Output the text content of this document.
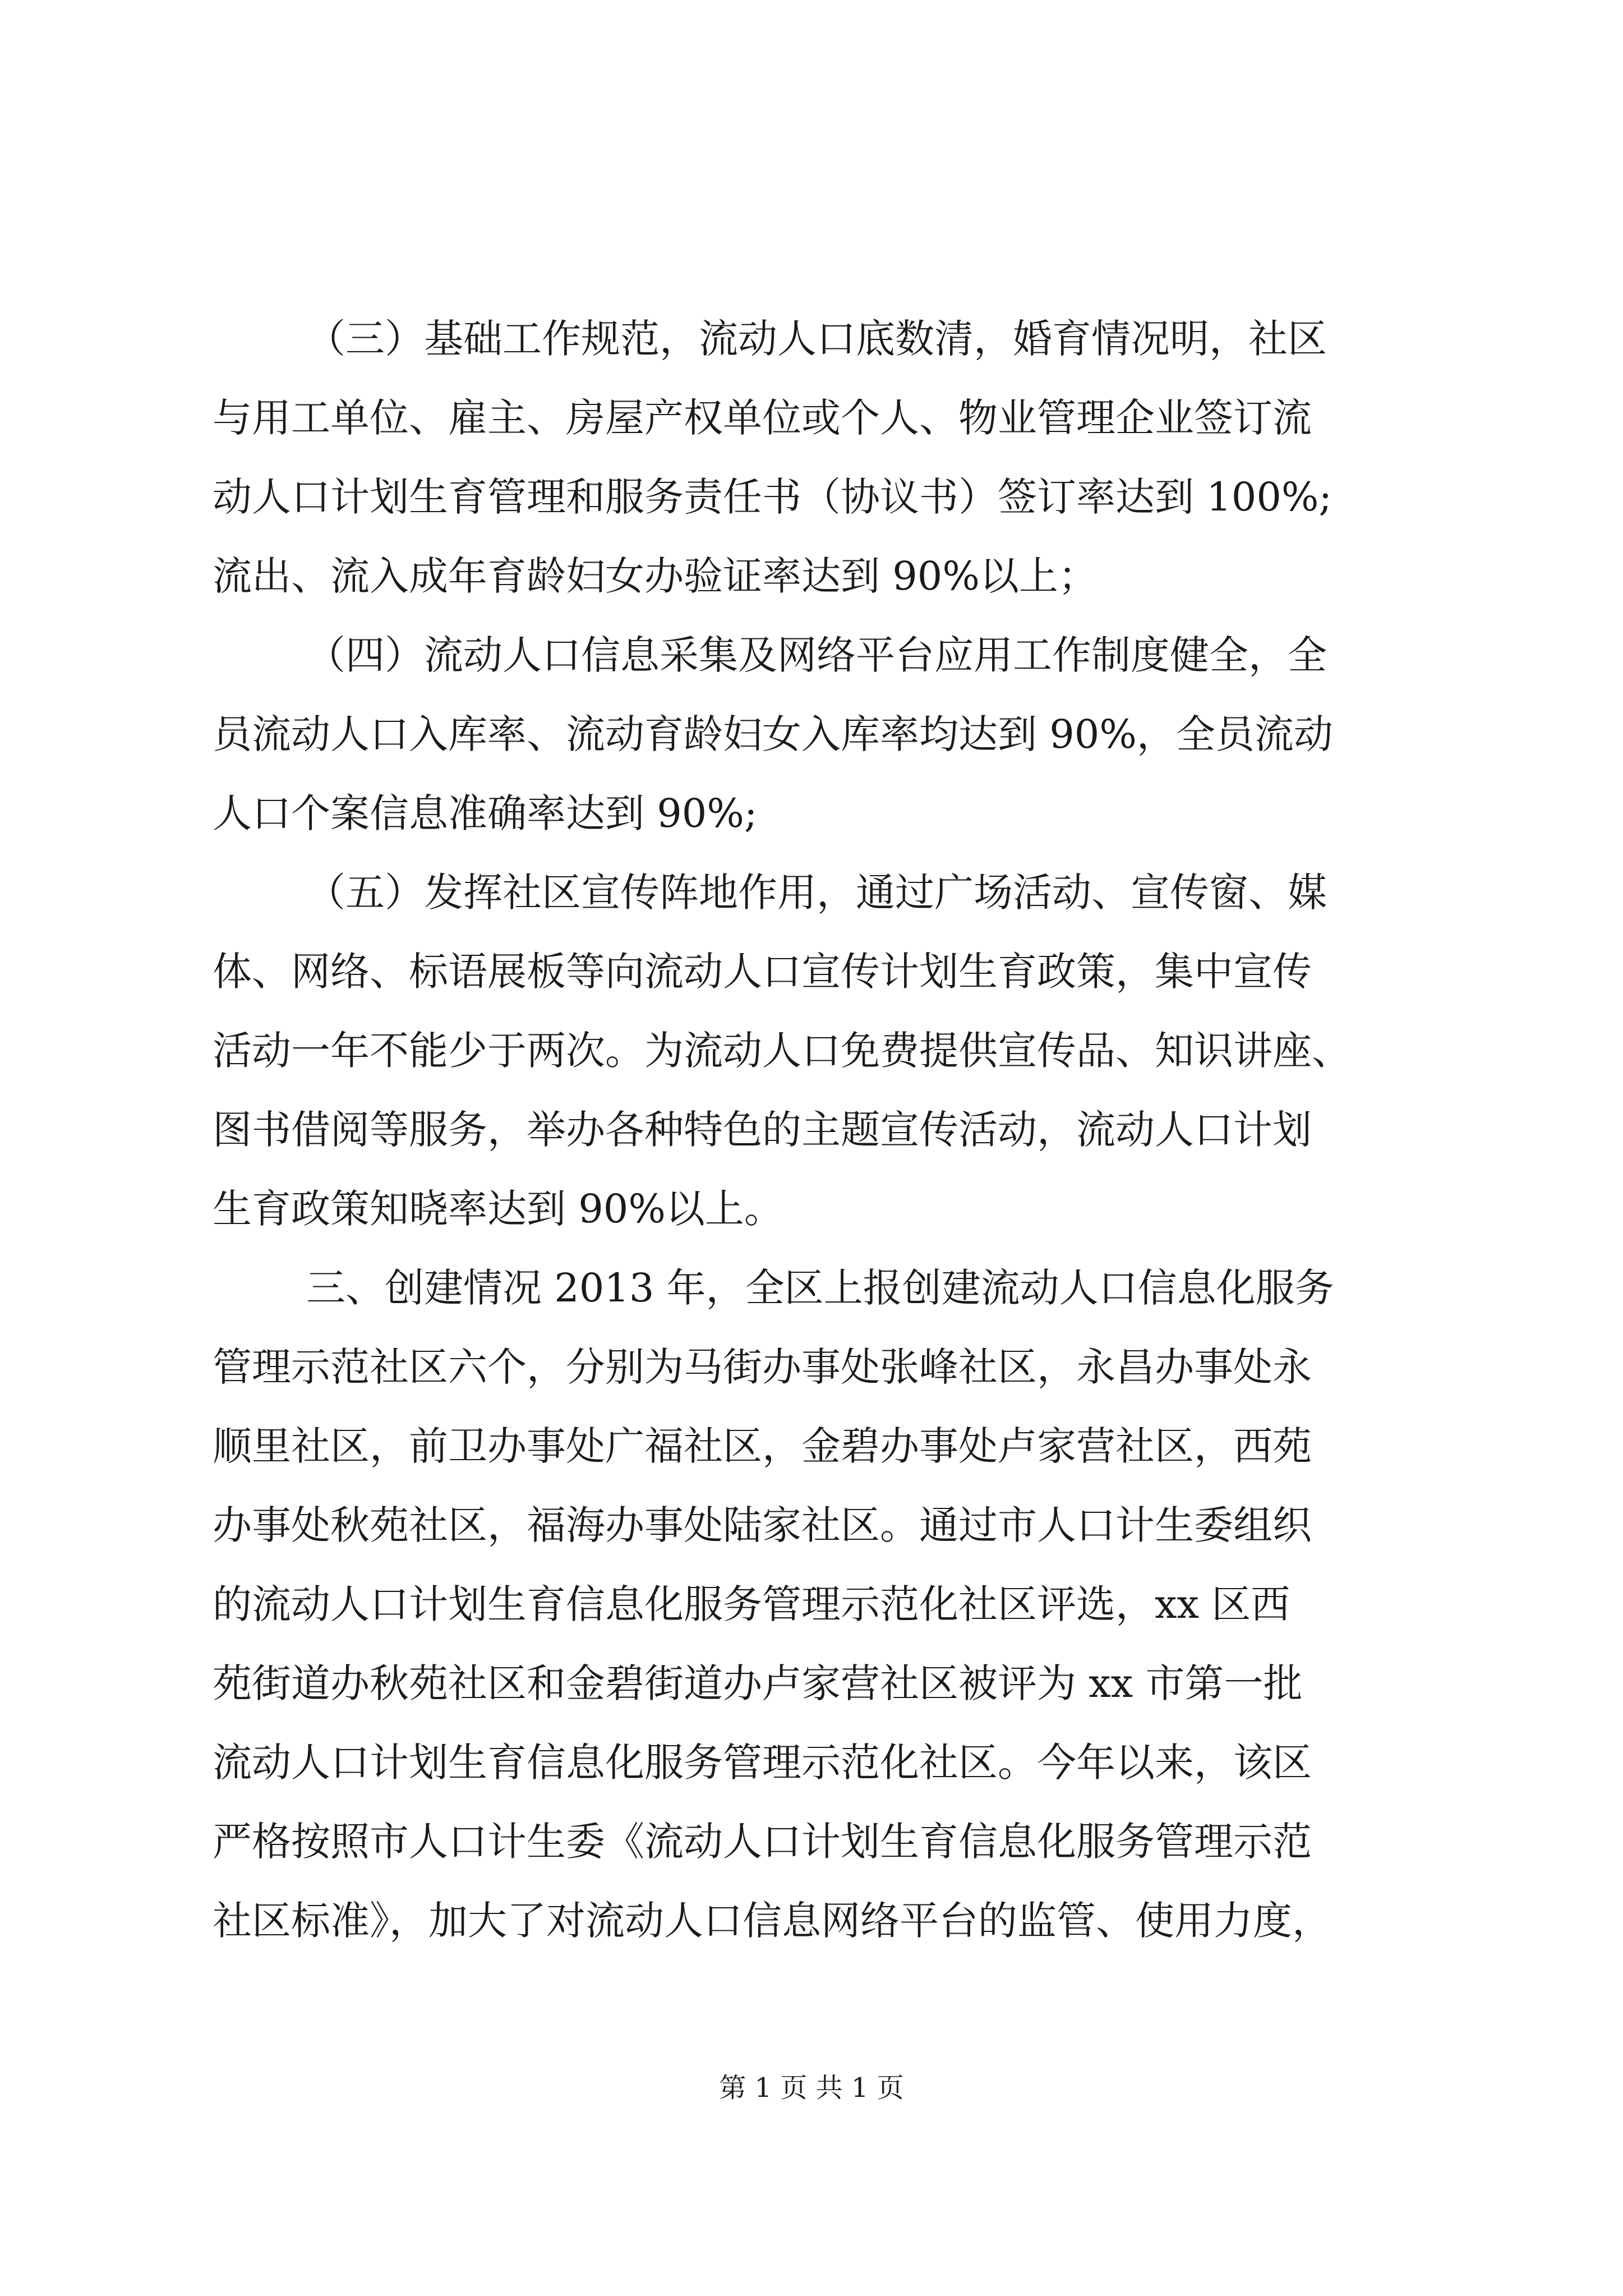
（三）基础工作规范，流动人口底数清，婚育情况明，社区
与用工单位、雇主、房屋产权单位或个人、物业管理企业签订流
动人口计划生育管理和服务责任书（协议书）签订率达到 100%;
流出、流入成年育龄妇女办验证率达到 90%以上；
（四）流动人口信息采集及网络平台应用工作制度健全，全
员流动人口入库率、流动育龄妇女入库率均达到 90%，全员流动
人口个案信息准确率达到 90%;
（五）发挥社区宣传阵地作用，通过广场活动、宣传窗、媒
体、网络、标语展板等向流动人口宣传计划生育政策，集中宣传
活动一年不能少于两次。为流动人口免费提供宣传品、知识讲座、
图书借阅等服务，举办各种特色的主题宣传活动，流动人口计划
生育政策知晓率达到 90%以上。
三、创建情况 2013 年，全区上报创建流动人口信息化服务
管理示范社区六个，分别为马街办事处张峰社区，永昌办事处永
顺里社区，前卫办事处广福社区，金碧办事处卢家营社区，西苑
办事处秋苑社区，福海办事处陆家社区。通过市人口计生委组织
的流动人口计划生育信息化服务管理示范化社区评选，xx 区西
苑街道办秋苑社区和金碧街道办卢家营社区被评为 xx 市第一批
流动人口计划生育信息化服务管理示范化社区。今年以来，该区
严格按照市人口计生委《流动人口计划生育信息化服务管理示范
社区标准》，加大了对流动人口信息网络平台的监管、使用力度，
第 1 页 共 1 页
